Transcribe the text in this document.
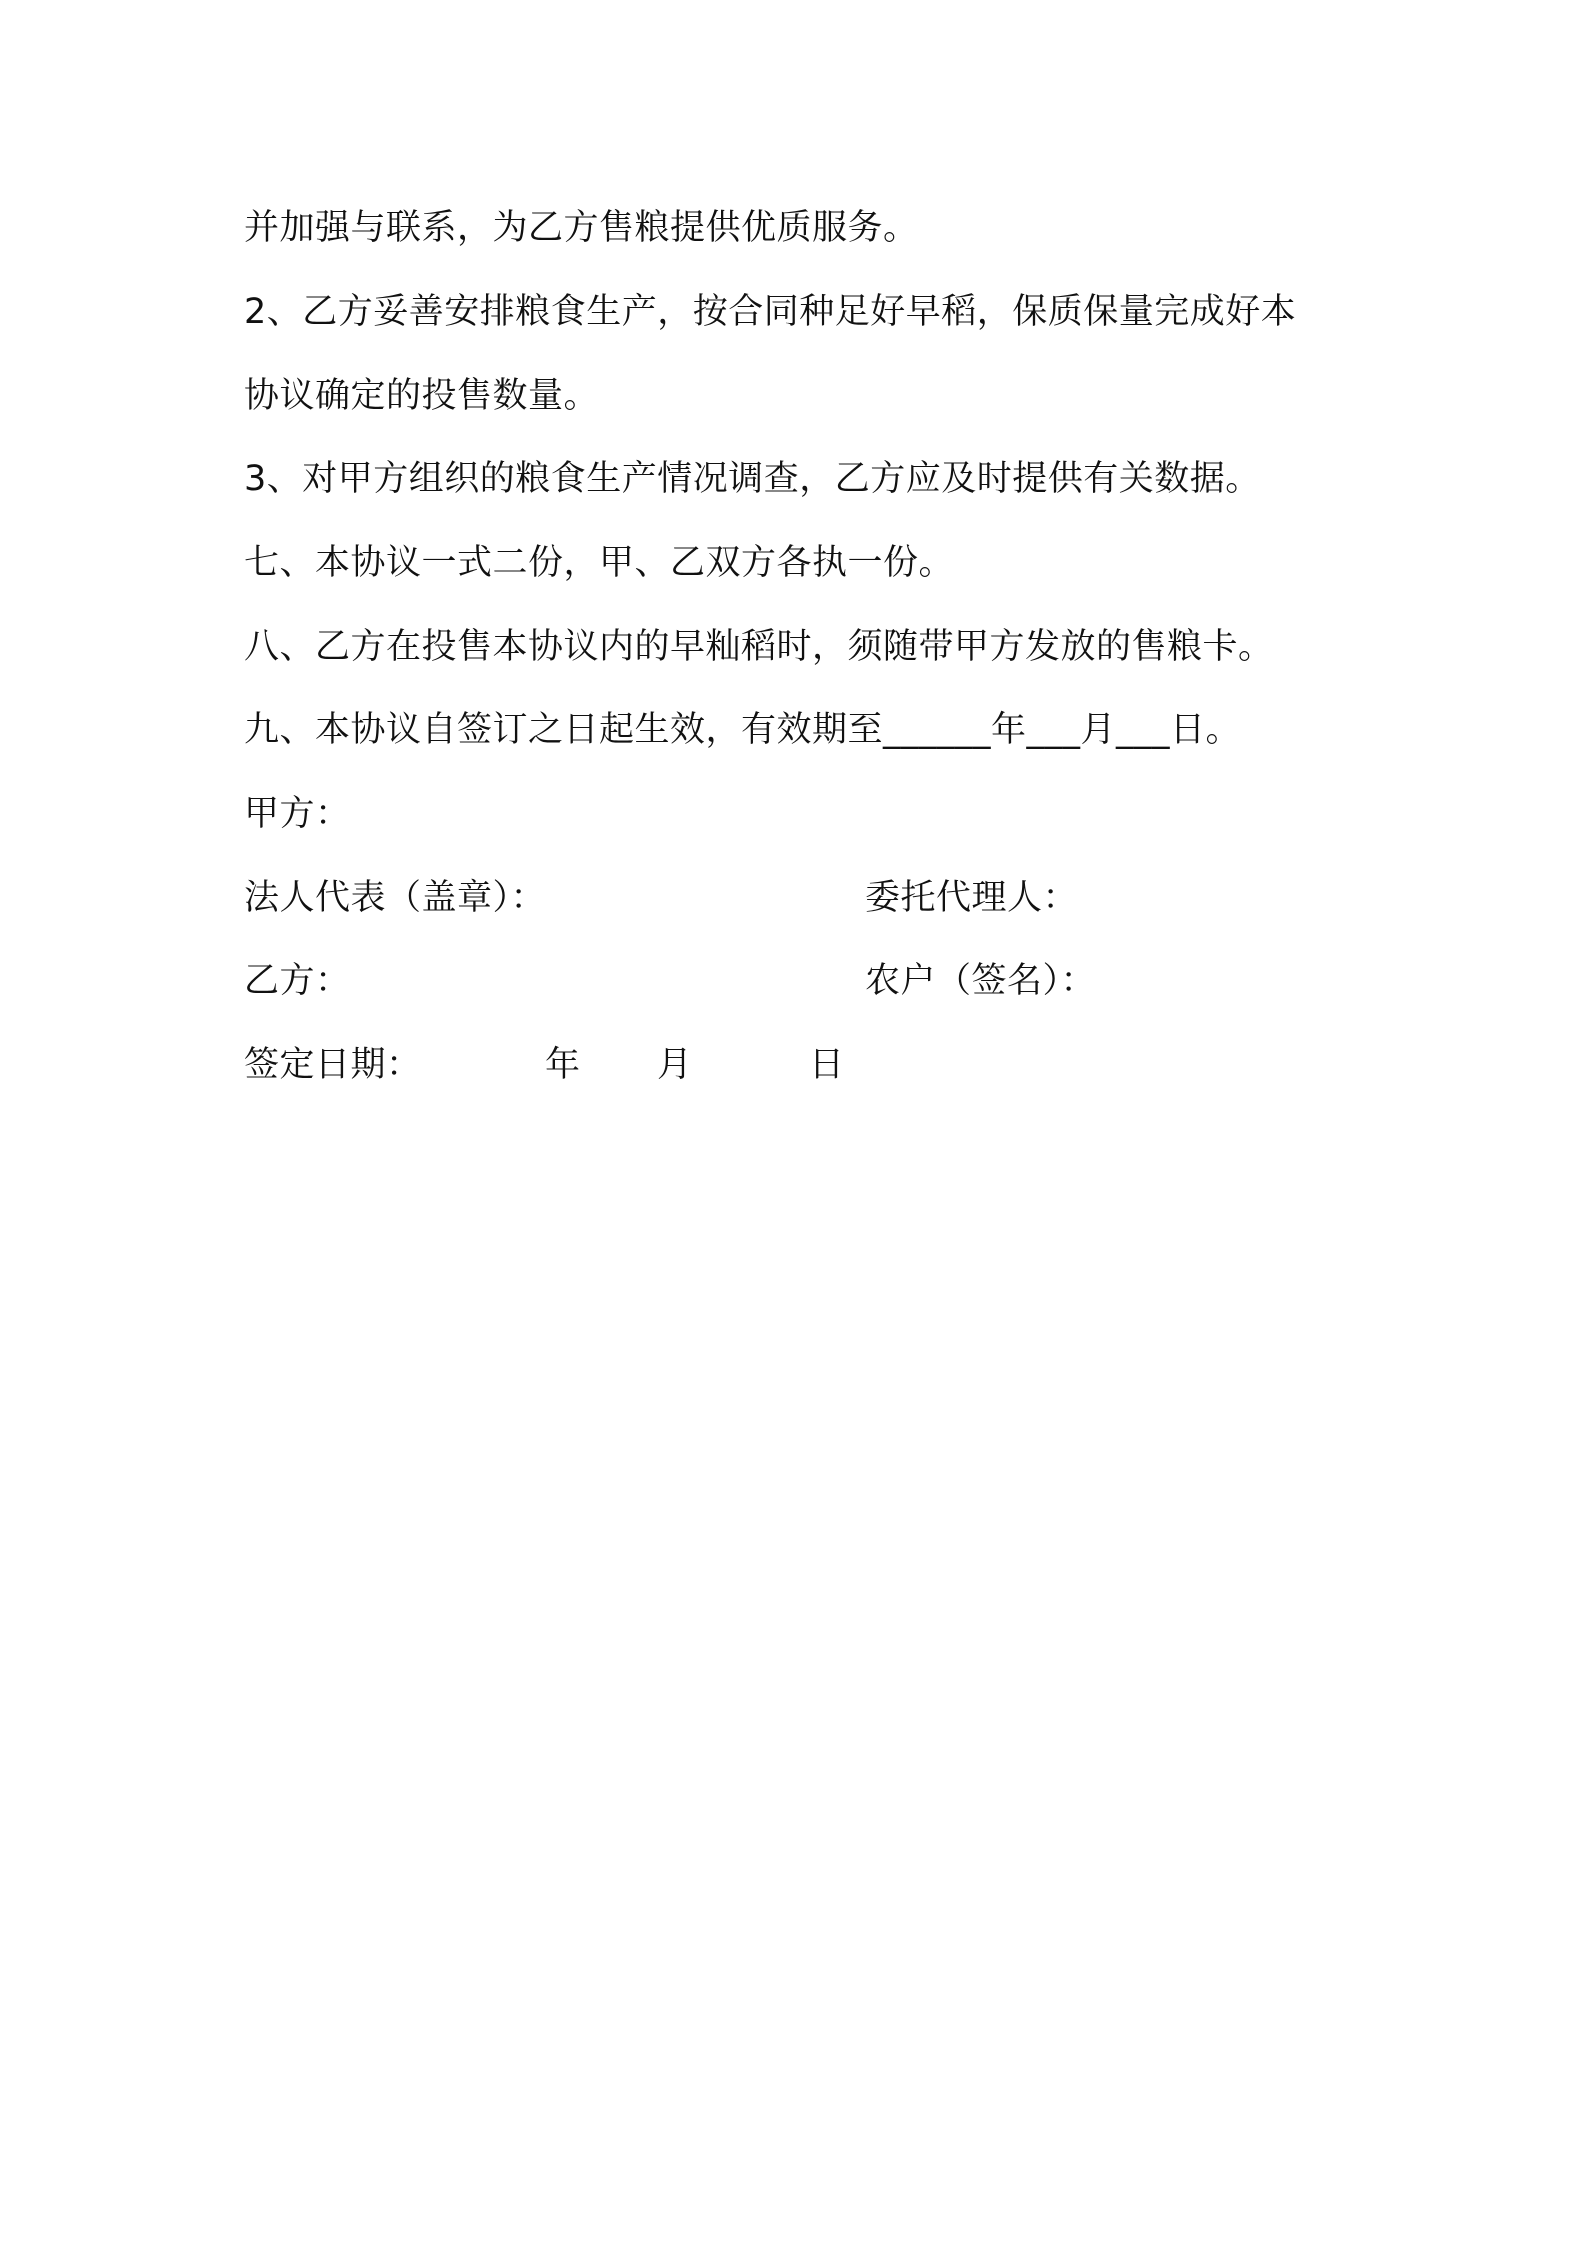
并加强与联系，为乙方售粮提供优质服务。
2、乙方妥善安排粮食生产，按合同种足好早稻，保质保量完成好本
协议确定的投售数量。
3、对甲方组织的粮食生产情况调查，乙方应及时提供有关数据。
七、本协议一式二份，甲、乙双方各执一份。
八、乙方在投售本协议内的早籼稻时，须随带甲方发放的售粮卡。
九、本协议自签订之日起生效，有效期至______年___月___日。
甲方：
法人代表（盖章）：	委托代理人：
乙方：	农户（签名）：
签定日期：	年 月	日
